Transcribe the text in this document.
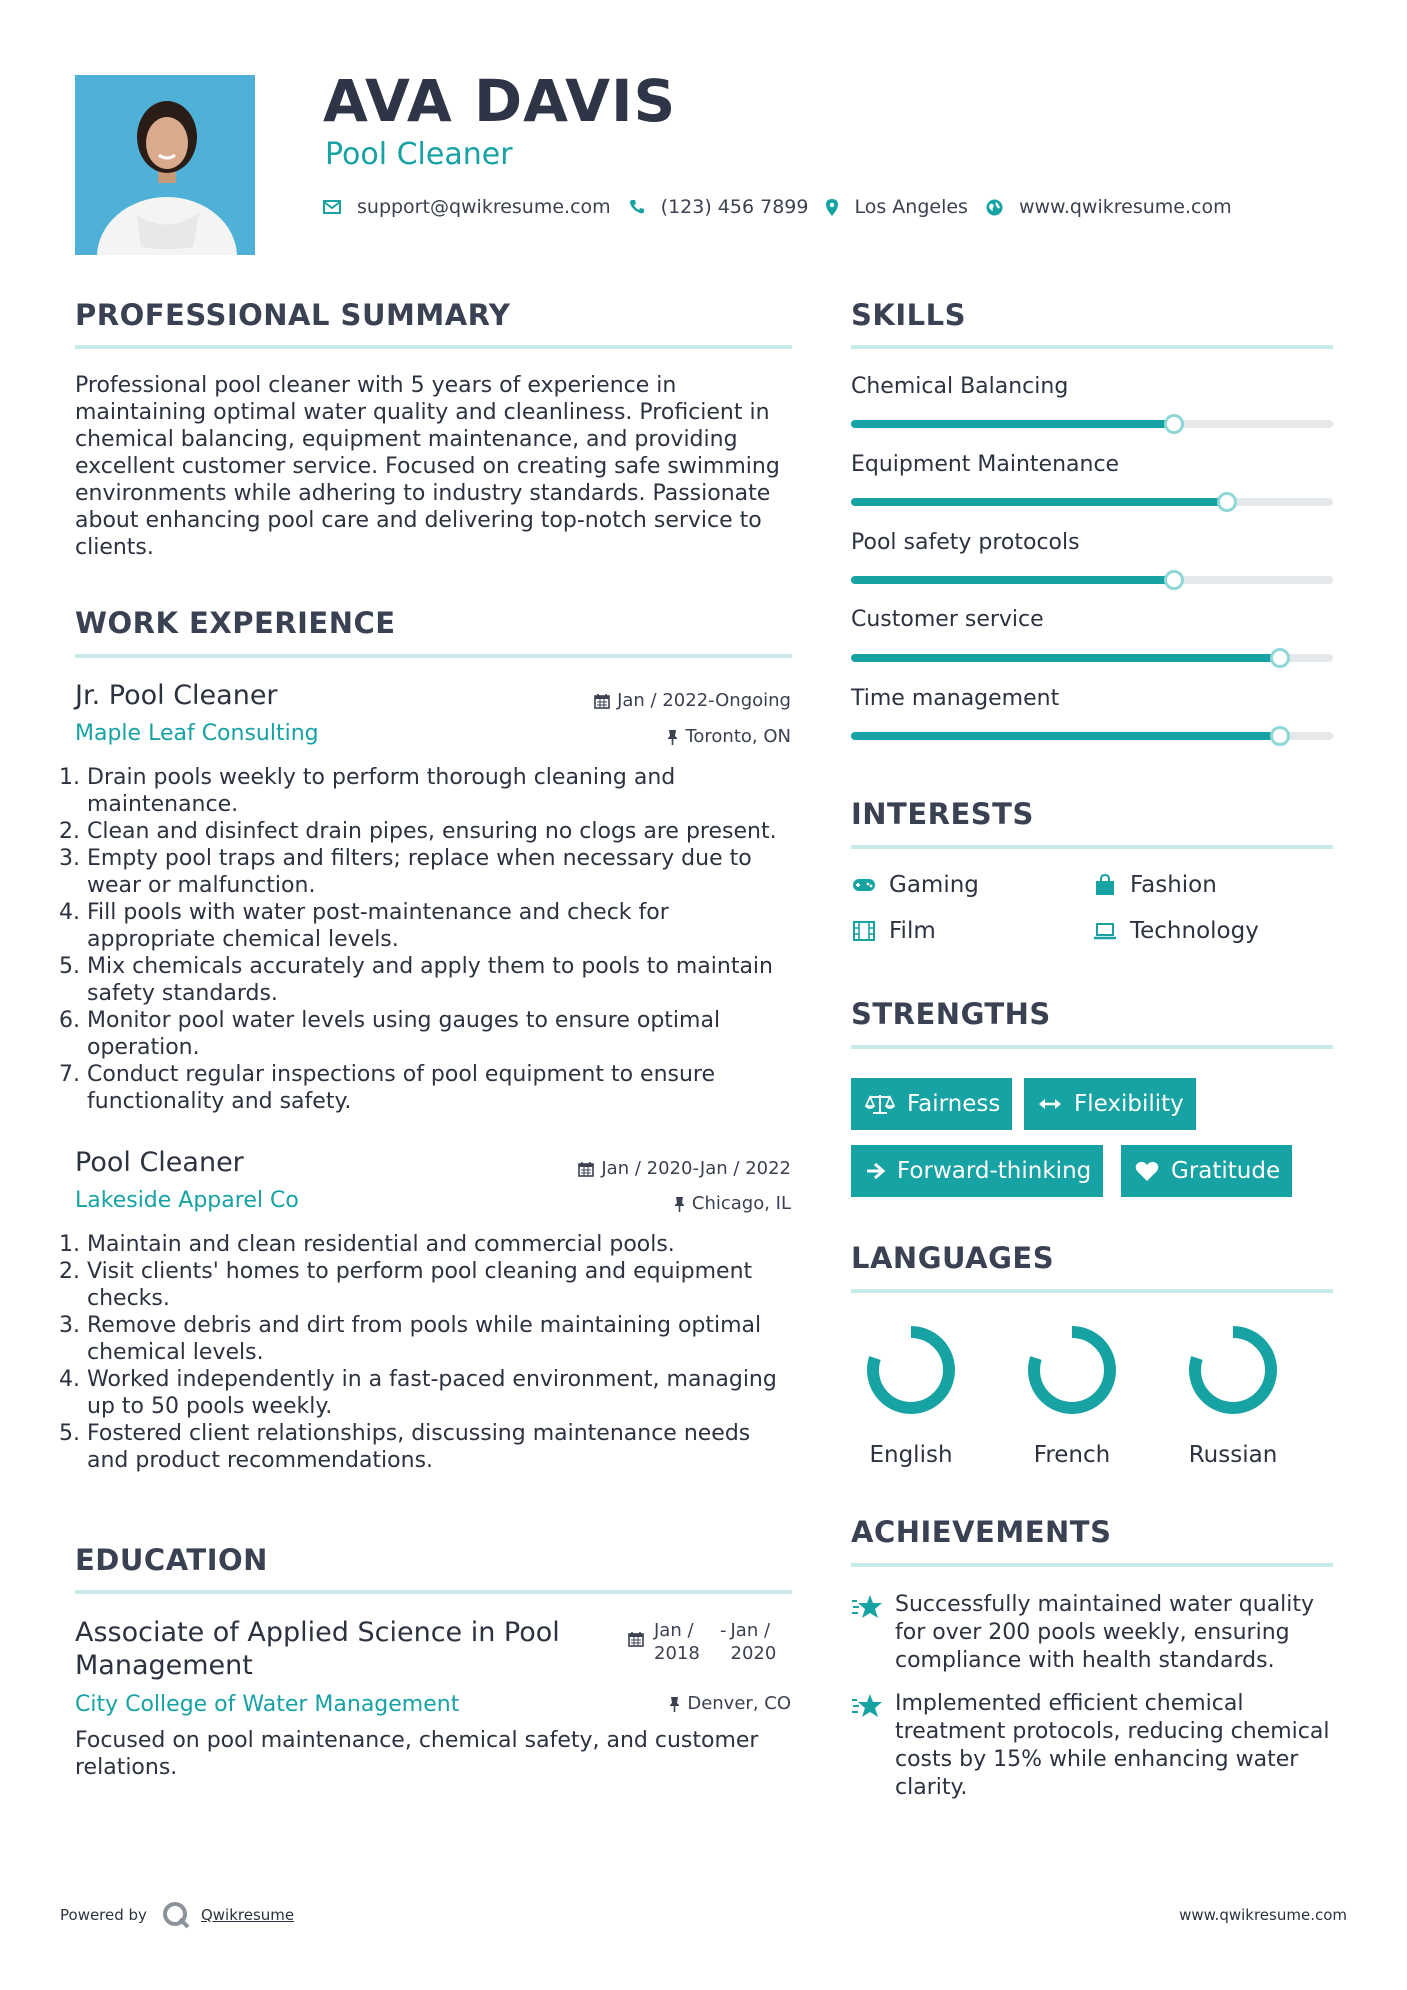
AVA DAVIS
Pool Cleaner
support@qwikresume.com	(123) 456 7899 Los Angeles	www.qwikresume.com
PROFESSIONAL SUMMARY
Professional pool cleaner with 5 years of experience in maintaining optimal water quality and cleanliness. Proficient in chemical balancing, equipment maintenance, and providing excellent customer service. Focused on creating safe swimming environments while adhering to industry standards. Passionate about enhancing pool care and delivering top-notch service to clients.
WORK EXPERIENCE
Jr. Pool Cleaner	Jan / 2022-Ongoing
Maple Leaf Consulting	Toronto, ON
1. Drain pools weekly to perform thorough cleaning and maintenance.
2. Clean and disinfect drain pipes, ensuring no clogs are present.
3. Empty pool traps and filters; replace when necessary due to wear or malfunction.
4. Fill pools with water post-maintenance and check for appropriate chemical levels.
5. Mix chemicals accurately and apply them to pools to maintain safety standards.
6. Monitor pool water levels using gauges to ensure optimal operation.
7. Conduct regular inspections of pool equipment to ensure functionality and safety.
Pool Cleaner	Jan / 2020-Jan / 2022
Lakeside Apparel Co	Chicago, IL
1. Maintain and clean residential and commercial pools.
2. Visit clients' homes to perform pool cleaning and equipment checks.
3. Remove debris and dirt from pools while maintaining optimal chemical levels.
4. Worked independently in a fast-paced environment, managing up to 50 pools weekly.
5. Fostered client relationships, discussing maintenance needs and product recommendations.
EDUCATION
Associate of Applied Science in Pool Management
Jan / 2018
- Jan / 2020
City College of Water Management	Denver, CO
Focused on pool maintenance, chemical safety, and customer relations.
SKILLS
Chemical Balancing
Equipment Maintenance
Pool safety protocols
Customer service
Time management
INTERESTS
Gaming	Fashion
Film	Technology
STRENGTHS
Fairness	Flexibility
Forward-thinking	Gratitude
LANGUAGES
English	French	Russian
ACHIEVEMENTS
Successfully maintained water quality for over 200 pools weekly, ensuring compliance with health standards.
Implemented efficient chemical treatment protocols, reducing chemical costs by 15% while enhancing water clarity.
Powered by	Qwikresume	www.qwikresume.com
